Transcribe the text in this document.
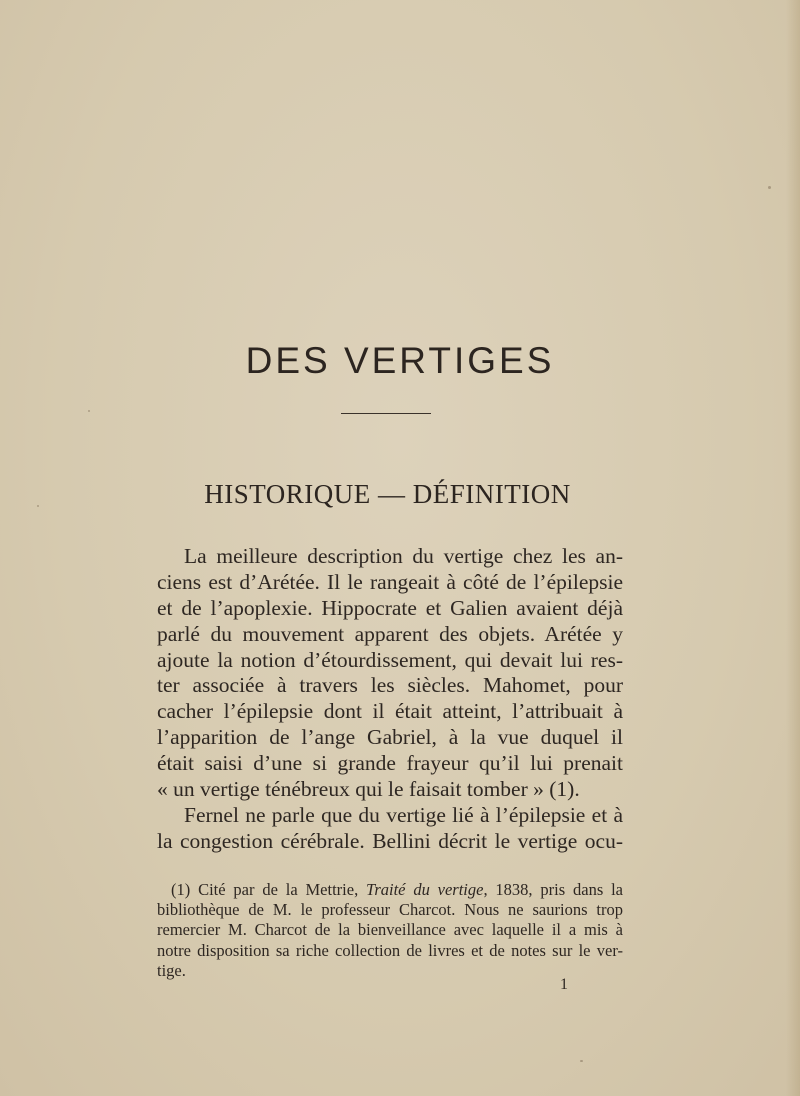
DES VERTIGES
HISTORIQUE — DÉFINITION
La meilleure description du vertige chez les an-
ciens est d’Arétée. Il le rangeait à côté de l’épilepsie
et de l’apoplexie. Hippocrate et Galien avaient déjà
parlé du mouvement apparent des objets. Arétée y
ajoute la notion d’étourdissement, qui devait lui res-
ter associée à travers les siècles. Mahomet, pour
cacher l’épilepsie dont il était atteint, l’attribuait à
l’apparition de l’ange Gabriel, à la vue duquel il
était saisi d’une si grande frayeur qu’il lui prenait
« un vertige ténébreux qui le faisait tomber » (1).
Fernel ne parle que du vertige lié à l’épilepsie et à
la congestion cérébrale. Bellini décrit le vertige ocu-
(1) Cité par de la Mettrie, Traité du vertige, 1838, pris dans la
bibliothèque de M. le professeur Charcot. Nous ne saurions trop
remercier M. Charcot de la bienveillance avec laquelle il a mis à
notre disposition sa riche collection de livres et de notes sur le ver-
tige.
1
